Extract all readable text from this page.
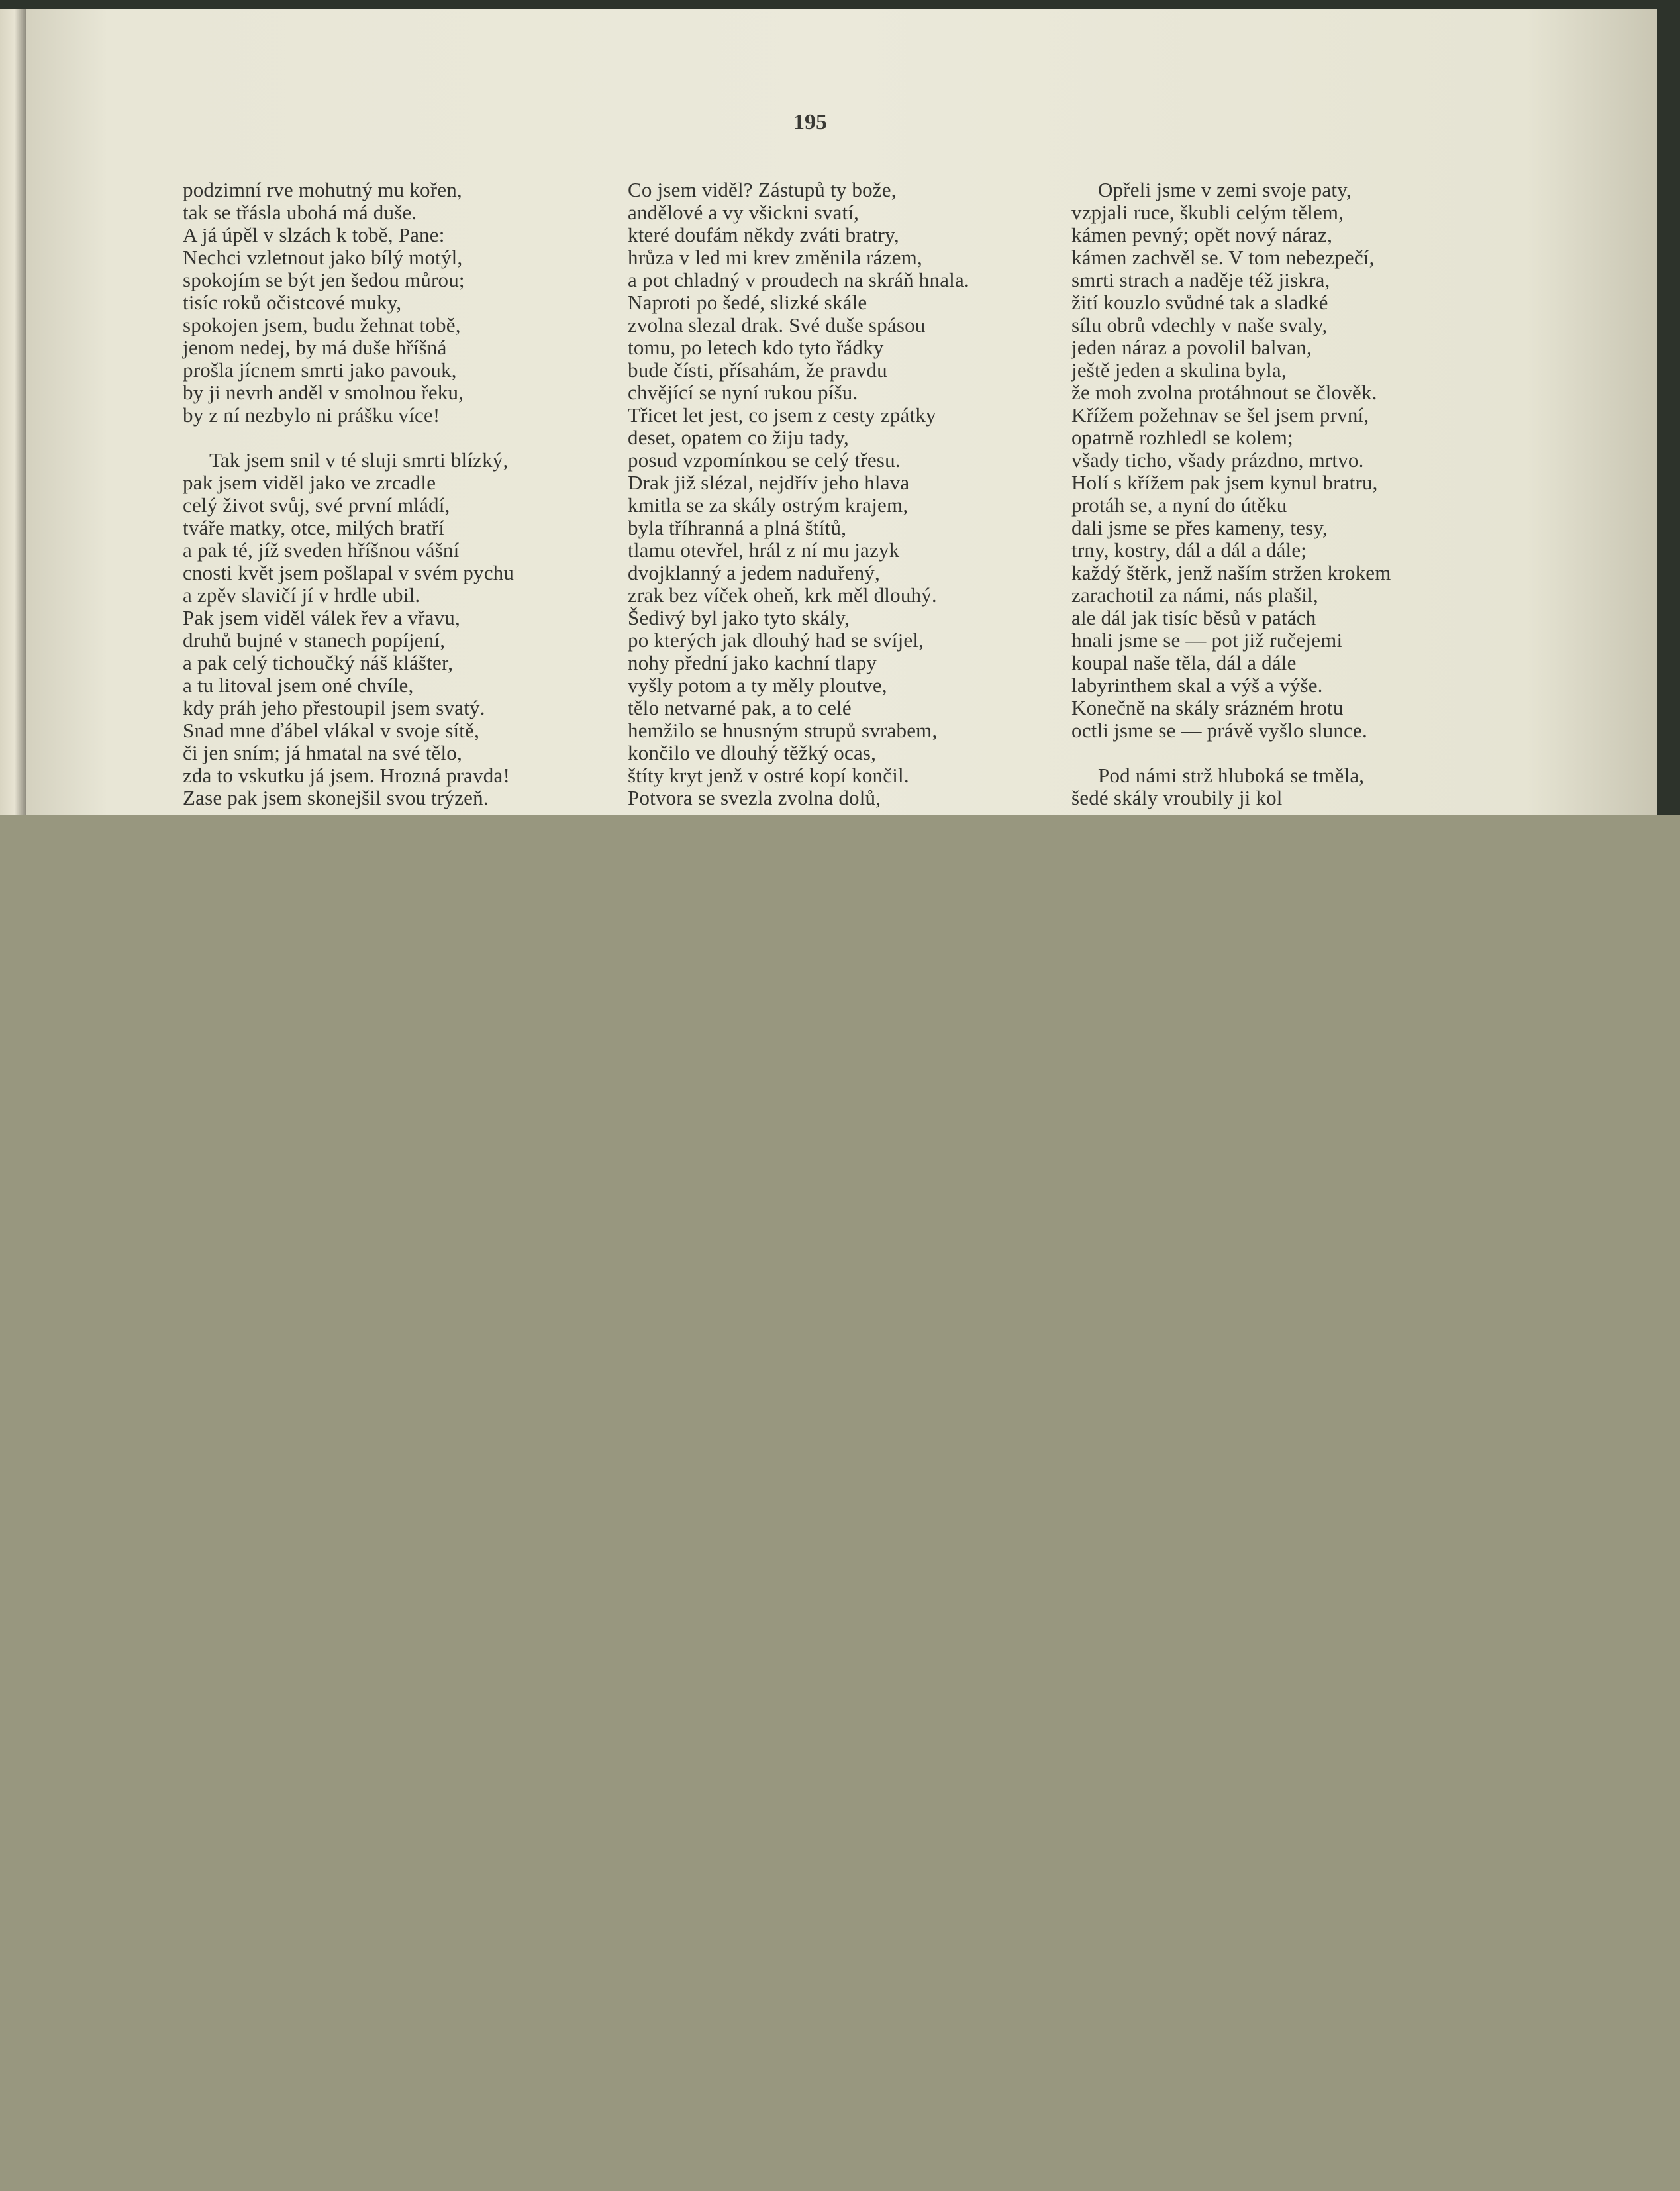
195
podzimní rve mohutný mu kořen,
tak se třásla ubohá má duše.
A já úpěl v slzách k tobě, Pane:
Nechci vzletnout jako bílý motýl,
spokojím se být jen šedou můrou;
tisíc roků očistcové muky,
spokojen jsem, budu žehnat tobě,
jenom nedej, by má duše hříšná
prošla jícnem smrti jako pavouk,
by ji nevrh anděl v smolnou řeku,
by z ní nezbylo ni prášku více!
Tak jsem snil v té sluji smrti blízký,
pak jsem viděl jako ve zrcadle
celý život svůj, své první mládí,
tváře matky, otce, milých bratří
a pak té, jíž sveden hříšnou vášní
cnosti květ jsem pošlapal v svém pychu
a zpěv slavičí jí v hrdle ubil.
Pak jsem viděl válek řev a vřavu,
druhů bujné v stanech popíjení,
a pak celý tichoučký náš klášter,
a tu litoval jsem oné chvíle,
kdy práh jeho přestoupil jsem svatý.
Snad mne ďábel vlákal v svoje sítě,
či jen sním; já hmatal na své tělo,
zda to vskutku já jsem. Hrozná pravda!
Zase pak jsem skonejšil svou trýzeň.
Co jsem viděl? Zástupů ty bože,
andělové a vy všickni svatí,
které doufám někdy zváti bratry,
hrůza v led mi krev změnila rázem,
a pot chladný v proudech na skráň hnala.
Naproti po šedé, slizké skále
zvolna slezal drak. Své duše spásou
tomu, po letech kdo tyto řádky
bude čísti, přísahám, že pravdu
chvějící se nyní rukou píšu.
Třicet let jest, co jsem z cesty zpátky
deset, opatem co žiju tady,
posud vzpomínkou se celý třesu.
Drak již slézal, nejdřív jeho hlava
kmitla se za skály ostrým krajem,
byla tříhranná a plná štítů,
tlamu otevřel, hrál z ní mu jazyk
dvojklanný a jedem naduřený,
zrak bez víček oheň, krk měl dlouhý.
Šedivý byl jako tyto skály,
po kterých jak dlouhý had se svíjel,
nohy přední jako kachní tlapy
vyšly potom a ty měly ploutve,
tělo netvarné pak, a to celé
hemžilo se hnusným strupů svrabem,
končilo ve dlouhý těžký ocas,
štíty kryt jenž v ostré kopí končil.
Potvora se svezla zvolna dolů,
Opřeli jsme v zemi svoje paty,
vzpjali ruce, škubli celým tělem,
kámen pevný; opět nový náraz,
kámen zachvěl se. V tom nebezpečí,
smrti strach a naděje též jiskra,
žití kouzlo svůdné tak a sladké
sílu obrů vdechly v naše svaly,
jeden náraz a povolil balvan,
ještě jeden a skulina byla,
že moh zvolna protáhnout se člověk.
Křížem požehnav se šel jsem první,
opatrně rozhledl se kolem;
všady ticho, všady prázdno, mrtvo.
Holí s křížem pak jsem kynul bratru,
protáh se, a nyní do útěku
dali jsme se přes kameny, tesy,
trny, kostry, dál a dál a dále;
každý štěrk, jenž naším stržen krokem
zarachotil za námi, nás plašil,
ale dál jak tisíc běsů v patách
hnali jsme se — pot již ručejemi
koupal naše těla, dál a dále
labyrinthem skal a výš a výše.
Konečně na skály srázném hrotu
octli jsme se — právě vyšlo slunce.
Pod námi strž hluboká se tměla,
šedé skály vroubily ji kol
